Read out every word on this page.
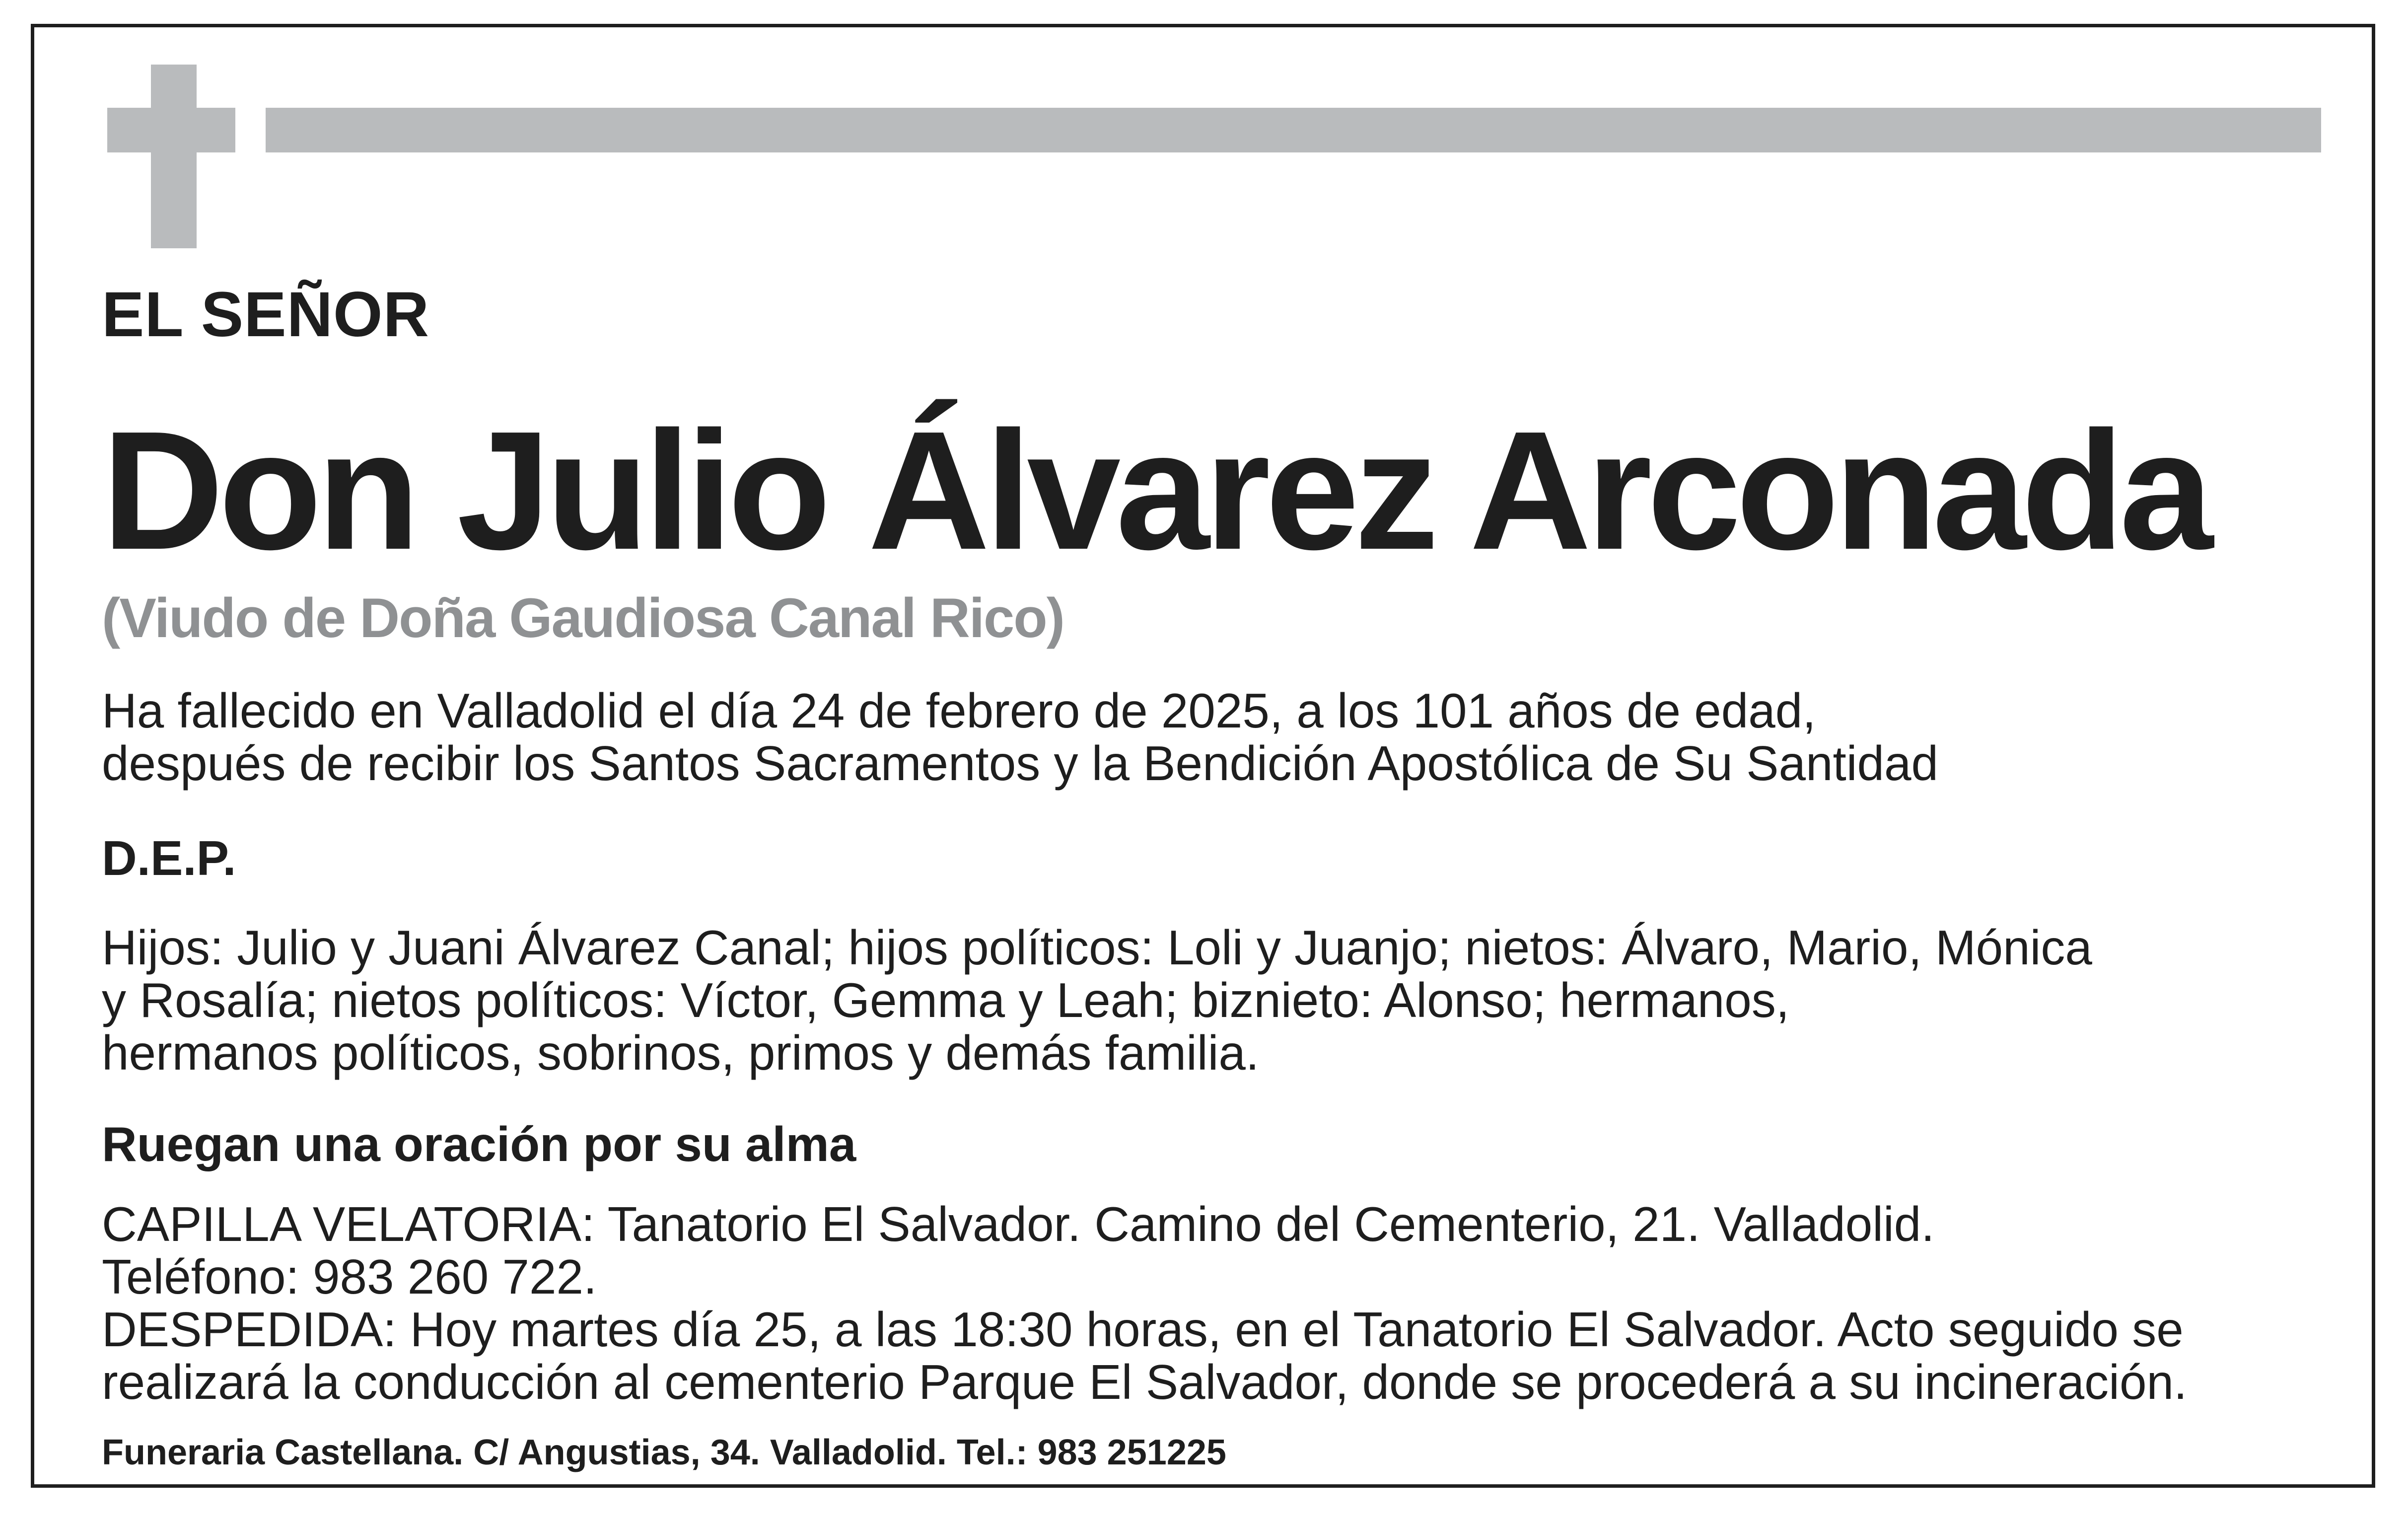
EL SEÑOR

Don Julio Álvarez Arconada

(Viudo de Doña Gaudiosa Canal Rico)

Ha fallecido en Valladolid el día 24 de febrero de 2025, a los 101 años de edad,
después de recibir los Santos Sacramentos y la Bendición Apostólica de Su Santidad

D.E.P.

Hijos: Julio y Juani Álvarez Canal; hijos políticos: Loli y Juanjo; nietos: Álvaro, Mario, Mónica
y Rosalía; nietos políticos: Víctor, Gemma y Leah; biznieto: Alonso; hermanos,
hermanos políticos, sobrinos, primos y demás familia.

Ruegan una oración por su alma

CAPILLA VELATORIA: Tanatorio El Salvador. Camino del Cementerio, 21. Valladolid.
Teléfono: 983 260 722.
DESPEDIDA: Hoy martes día 25, a las 18:30 horas, en el Tanatorio El Salvador. Acto seguido se
realizará la conducción al cementerio Parque El Salvador, donde se procederá a su incineración.

Funeraria Castellana. C/ Angustias, 34. Valladolid. Tel.: 983 251225
